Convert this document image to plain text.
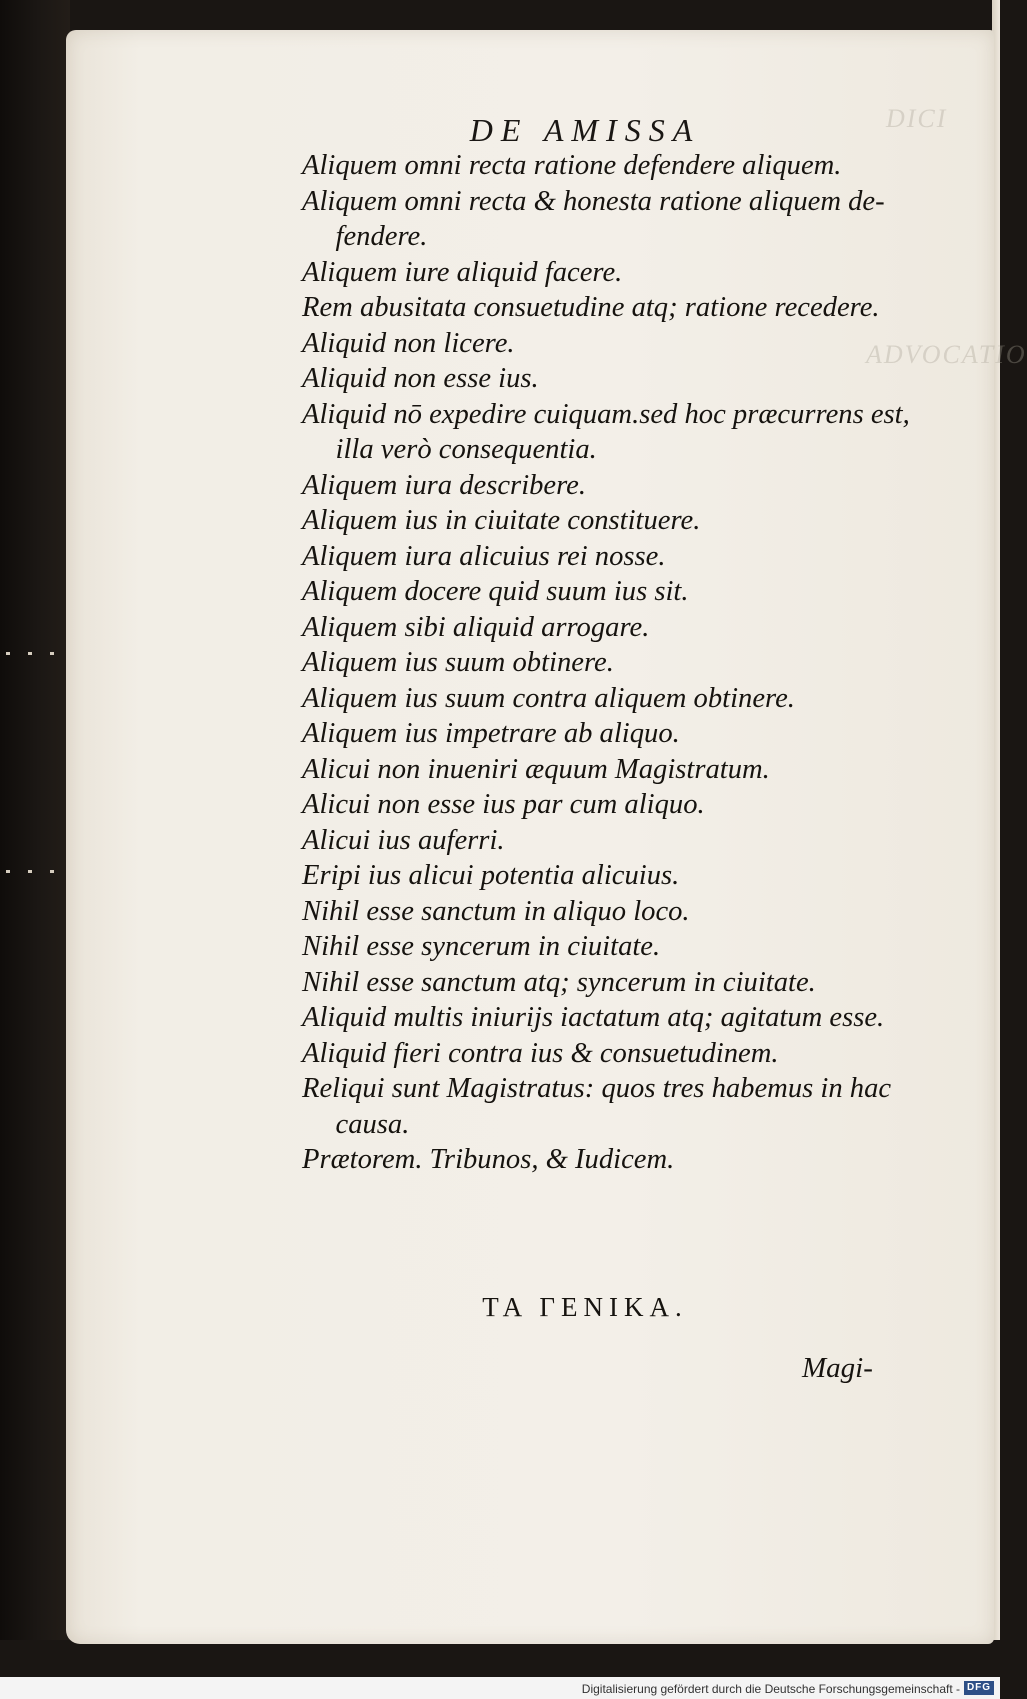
DICI
ADVOCATIO
DE AMISSA
Aliquem omni recta ratione defendere aliquem.
Aliquem omni recta & honesta ratione aliquem de-
fendere.
Aliquem iure aliquid facere.
Rem abusitata consuetudine atq; ratione recedere.
Aliquid non licere.
Aliquid non esse ius.
Aliquid nō expedire cuiquam.sed hoc præcurrens est,
illa verò consequentia.
Aliquem iura describere.
Aliquem ius in ciuitate constituere.
Aliquem iura alicuius rei nosse.
Aliquem docere quid suum ius sit.
Aliquem sibi aliquid arrogare.
Aliquem ius suum obtinere.
Aliquem ius suum contra aliquem obtinere.
Aliquem ius impetrare ab aliquo.
Alicui non inueniri æquum Magistratum.
Alicui non esse ius par cum aliquo.
Alicui ius auferri.
Eripi ius alicui potentia alicuius.
Nihil esse sanctum in aliquo loco.
Nihil esse syncerum in ciuitate.
Nihil esse sanctum atq; syncerum in ciuitate.
Aliquid multis iniurijs iactatum atq; agitatum esse.
Aliquid fieri contra ius & consuetudinem.
Reliqui sunt Magistratus: quos tres habemus in hac
causa.
Prætorem. Tribunos, & Iudicem.
ΤΑ ΓΕΝΙΚΑ.
Magi-
Digitalisierung gefördert durch die Deutsche Forschungsgemeinschaft - DFG
